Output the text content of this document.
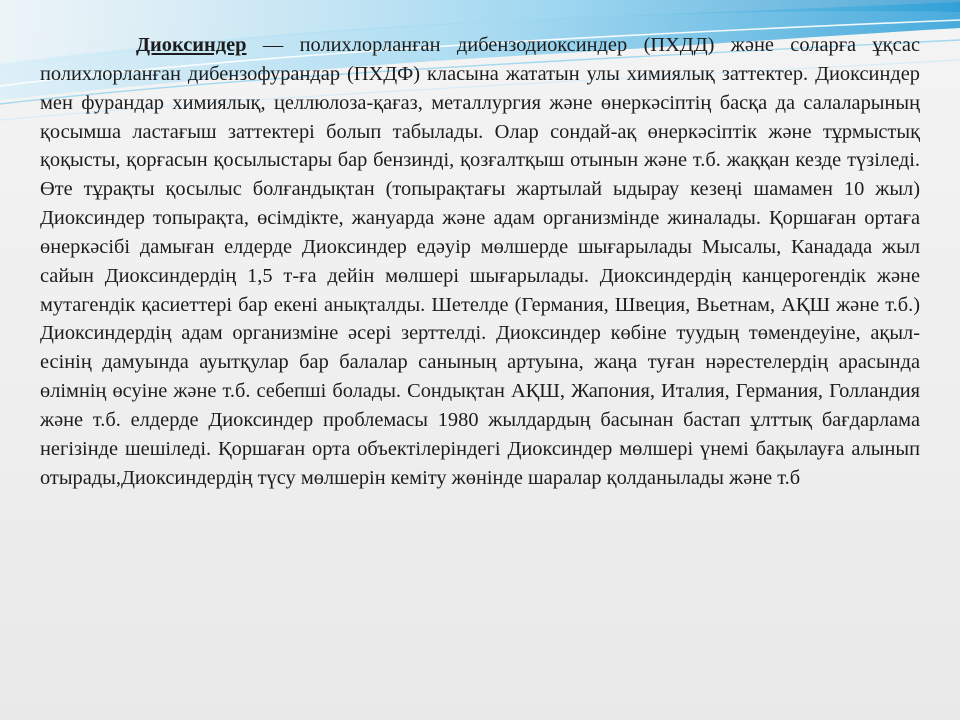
Диоксиндер — полихлорланған дибензодиоксиндер (ПХДД) және соларға ұқсас полихлорланған дибензофурандар (ПХДФ) класына жататын улы химиялық заттектер. Диоксиндер мен фурандар химиялық, целлюлоза-қағаз, металлургия және өнеркәсіптің басқа да салаларының қосымша ластағыш заттектері болып табылады. Олар сондай-ақ өнеркәсіптік және тұрмыстық қоқысты, қорғасын қосылыстары бар бензинді, қозғалтқыш отынын және т.б. жаққан кезде түзіледі. Өте тұрақты қосылыс болғандықтан (топырақтағы жартылай ыдырау кезеңі шамамен 10 жыл) Диоксиндер топырақта, өсімдікте, жануарда және адам организмінде жиналады. Қоршаған ортаға өнеркәсібі дамыған елдерде Диоксиндер едәуір мөлшерде шығарылады Мысалы, Канадада жыл сайын Диоксиндердің 1,5 т-ға дейін мөлшері шығарылады. Диоксиндердің канцерогендік және мутагендік қасиеттері бар екені анықталды. Шетелде (Германия, Швеция, Вьетнам, АҚШ және т.б.) Диоксиндердің адам организміне әсері зерттелді. Диоксиндер көбіне туудың төмендеуіне, ақыл-есінің дамуында ауытқулар бар балалар санының артуына, жаңа туған нәрестелердің арасында өлімнің өсуіне және т.б. себепші болады. Сондықтан АҚШ, Жапония, Италия, Германия, Голландия және т.б. елдерде Диоксиндер проблемасы 1980 жылдардың басынан бастап ұлттық бағдарлама негізінде шешіледі. Қоршаған орта объектілеріндегі Диоксиндер мөлшері үнемі бақылауға алынып отырады,Диоксиндердің түсу мөлшерін кеміту жөнінде шаралар қолданылады және т.б
